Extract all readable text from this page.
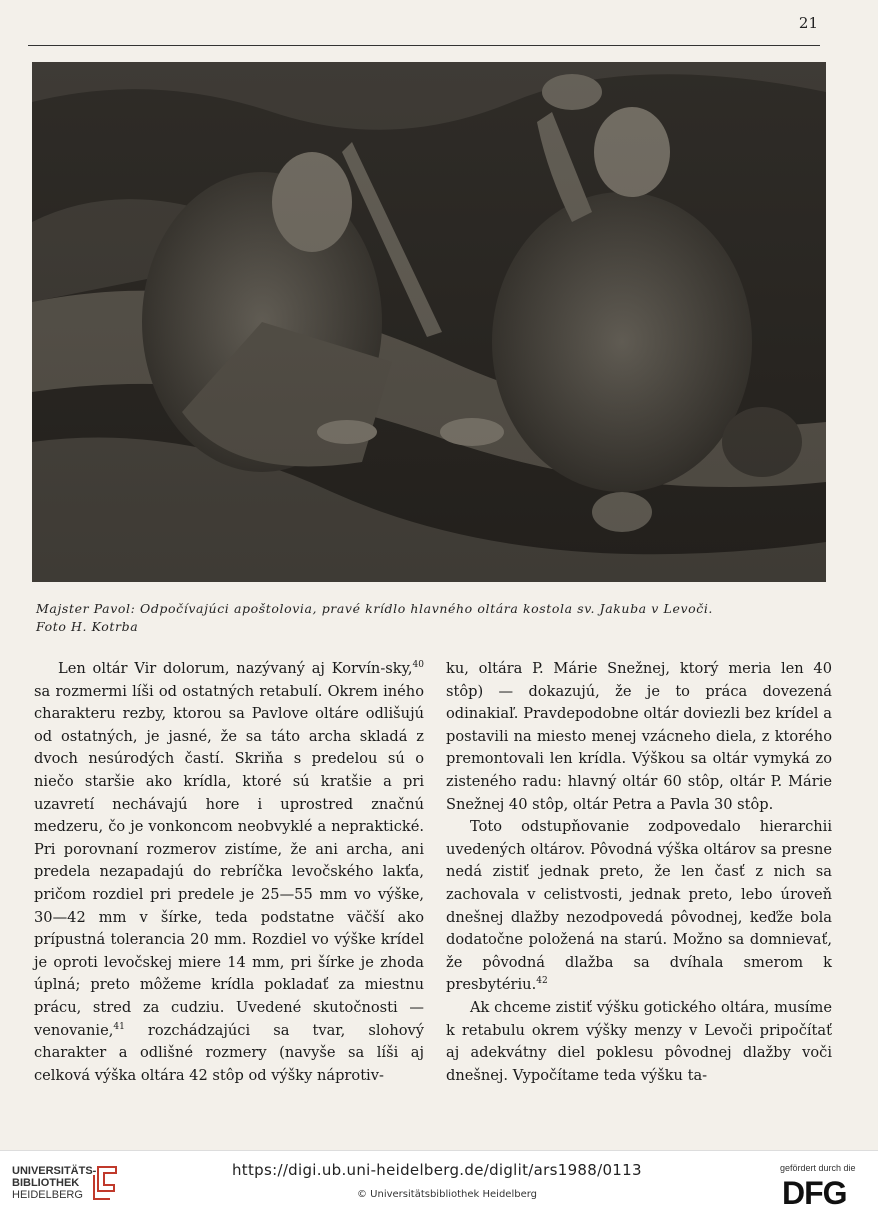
21
Majster Pavol: Odpočívajúci apoštolovia, pravé krídlo hlavného oltára kostola sv. Jakuba v Levoči.
Foto H. Kotrba

Len oltár Vir dolorum, nazývaný aj Korvín-sky,$^{40}$ sa rozmermi líši od ostatných retabulí. Okrem iného charakteru rezby, ktorou sa Pavlove oltáre odlišujú od ostatných, je jasné, že sa táto archa skladá z dvoch nesúrodých častí. Skriňa s predelou sú o niečo staršie ako krídla, ktoré sú kratšie a pri uzavretí nechávajú hore i uprostred značnú medzeru, čo je vonkoncom neobvyklé a nepraktické. Pri porovnaní rozmerov zistíme, že ani archa, ani predela nezapadajú do rebríčka levočského lakťa, pričom rozdiel pri predele je 25—55 mm vo výške, 30—42 mm v šírke, teda podstatne väčší ako prípustná tolerancia 20 mm. Rozdiel vo výške krídel je oproti levočskej miere 14 mm, pri šírke je zhoda úplná; preto môžeme krídla pokladať za miestnu prácu, stred za cudziu. Uvedené skutočnosti — venovanie,$^{41}$ rozchádzajúci sa tvar, slohový charakter a odlišné rozmery (navyše sa líši aj celková výška oltára 42 stôp od výšky náprotiv-

ku, oltára P. Márie Snežnej, ktorý meria len 40 stôp) — dokazujú, že je to práca dovezená odinakiaľ. Pravdepodobne oltár doviezli bez krídel a postavili na miesto menej vzácneho diela, z ktorého premontovali len krídla. Výškou sa oltár vymyká zo zisteného radu: hlavný oltár 60 stôp, oltár P. Márie Snežnej 40 stôp, oltár Petra a Pavla 30 stôp.

Toto odstupňovanie zodpovedalo hierarchii uvedených oltárov. Pôvodná výška oltárov sa presne nedá zistiť jednak preto, že len časť z nich sa zachovala v celistvosti, jednak preto, lebo úroveň dnešnej dlažby nezodpovedá pôvodnej, keďže bola dodatočne položená na starú. Možno sa domnievať, že pôvodná dlažba sa dvíhala smerom k presbytériu.$^{42}$

Ak chceme zistiť výšku gotického oltára, musíme k retabulu okrem výšky menzy v Levoči pripočítať aj adekvátny diel poklesu pôvodnej dlažby voči dnešnej. Vypočítame teda výšku ta-

UNIVERSITÄTS-
BIBLIOTHEK
HEIDELBERG
https://digi.ub.uni-heidelberg.de/diglit/ars1988/0113
© Universitätsbibliothek Heidelberg
gefördert durch die
DFG
